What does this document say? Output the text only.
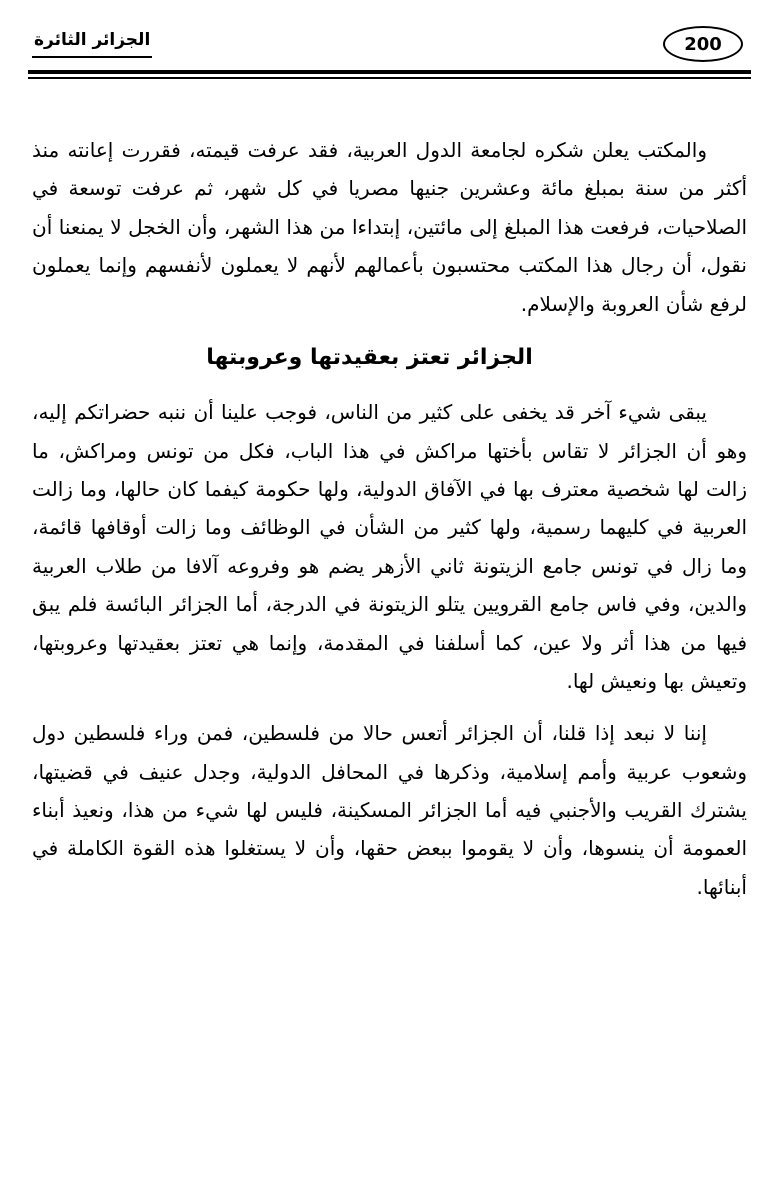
الجزائر الثائرة	200

والمكتب يعلن شكره لجامعة الدول العربية، فقد عرفت قيمته، فقررت إعانته منذ أكثر من سنة بمبلغ مائة وعشرين جنيها مصريا في كل شهر، ثم عرفت توسعة في الصلاحيات، فرفعت هذا المبلغ إلى مائتين، إبتداءا من هذا الشهر، وأن الخجل لا يمنعنا أن نقول، أن رجال هذا المكتب محتسبون بأعمالهم لأنهم لا يعملون لأنفسهم وإنما يعملون لرفع شأن العروبة والإسلام.

الجزائر تعتز بعقيدتها وعروبتها

يبقى شيء آخر قد يخفى على كثير من الناس، فوجب علينا أن ننبه حضراتكم إليه، وهو أن الجزائر لا تقاس بأختها مراكش في هذا الباب، فكل من تونس ومراكش، ما زالت لها شخصية معترف بها في الآفاق الدولية، ولها حكومة كيفما كان حالها، وما زالت العربية في كليهما رسمية، ولها كثير من الشأن في الوظائف وما زالت أوقافها قائمة، وما زال في تونس جامع الزيتونة ثاني الأزهر يضم هو وفروعه آلافا من طلاب العربية والدين، وفي فاس جامع القرويين يتلو الزيتونة في الدرجة، أما الجزائر البائسة فلم يبق فيها من هذا أثر ولا عين، كما أسلفنا في المقدمة، وإنما هي تعتز بعقيدتها وعروبتها، وتعيش بها ونعيش لها.

إننا لا نبعد إذا قلنا، أن الجزائر أتعس حالا من فلسطين، فمن وراء فلسطين دول وشعوب عربية وأمم إسلامية، وذكرها في المحافل الدولية، وجدل عنيف في قضيتها، يشترك القريب والأجنبي فيه أما الجزائر المسكينة، فليس لها شيء من هذا، ونعيذ أبناء العمومة أن ينسوها، وأن لا يقوموا ببعض حقها، وأن لا يستغلوا هذه القوة الكاملة في أبنائها.
